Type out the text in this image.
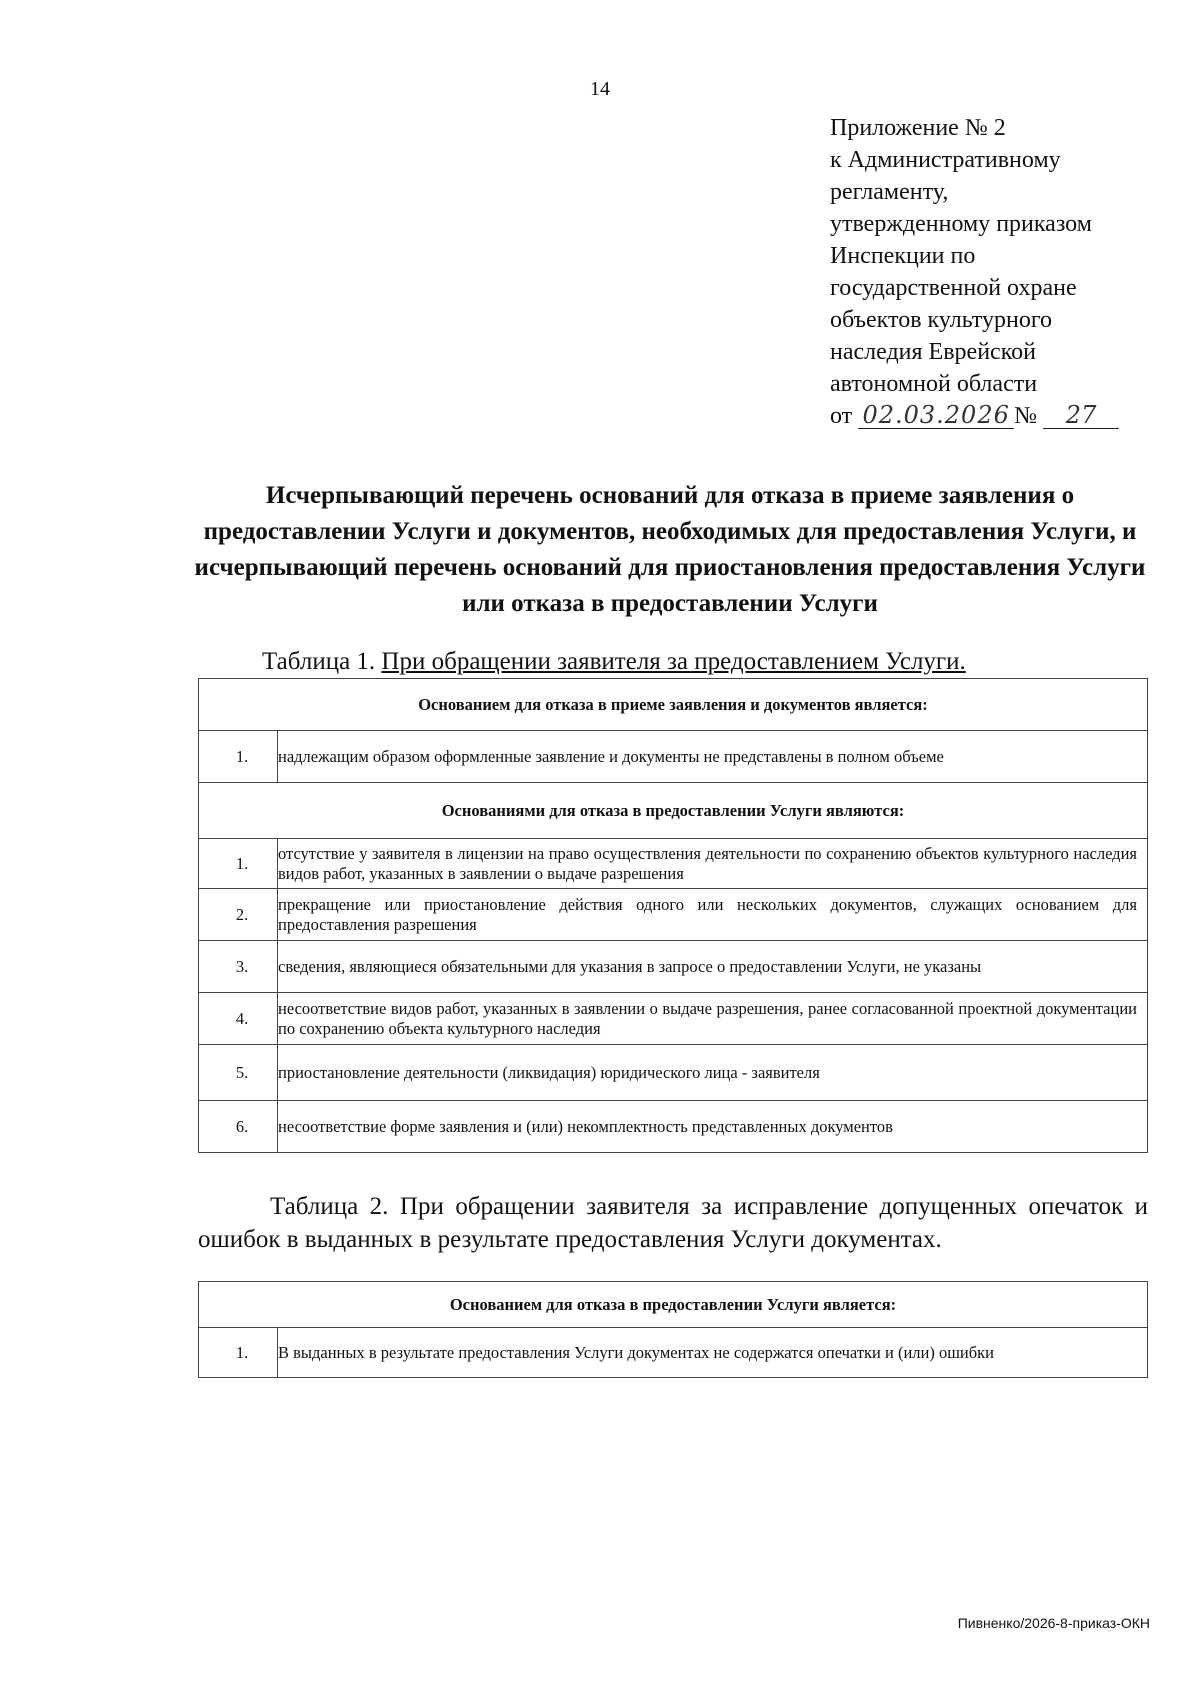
14
Приложение № 2
к Административному
регламенту,
утвержденному приказом
Инспекции по
государственной охране
объектов культурного
наследия Еврейской
автономной области
от 02.03.2026 № 27
Исчерпывающий перечень оснований для отказа в приеме заявления о предоставлении Услуги и документов, необходимых для предоставления Услуги, и исчерпывающий перечень оснований для приостановления предоставления Услуги или отказа в предоставлении Услуги
Таблица 1. При обращении заявителя за предоставлением Услуги.
Основанием для отказа в приеме заявления и документов является:	
1.	надлежащим образом оформленные заявление и документы не представлены в полном объеме
Основаниями для отказа в предоставлении Услуги являются:	
1.	отсутствие у заявителя в лицензии на право осуществления деятельности по сохранению объектов культурного наследия видов работ, указанных в заявлении о выдаче разрешения
2.	прекращение или приостановление действия одного или нескольких документов, служащих основанием для предоставления разрешения
3.	сведения, являющиеся обязательными для указания в запросе о предоставлении Услуги, не указаны
4.	несоответствие видов работ, указанных в заявлении о выдаче разрешения, ранее согласованной проектной документации по сохранению объекта культурного наследия
5.	приостановление деятельности (ликвидация) юридического лица - заявителя
6.	несоответствие форме заявления и (или) некомплектность представленных документов
Таблица 2. При обращении заявителя за исправление допущенных опечаток и ошибок в выданных в результате предоставления Услуги документах.
Основанием для отказа в предоставлении Услуги является:
1.	В выданных в результате предоставления Услуги документах не содержатся опечатки и (или) ошибки
Пивненко/2026-8-приказ-ОКН
